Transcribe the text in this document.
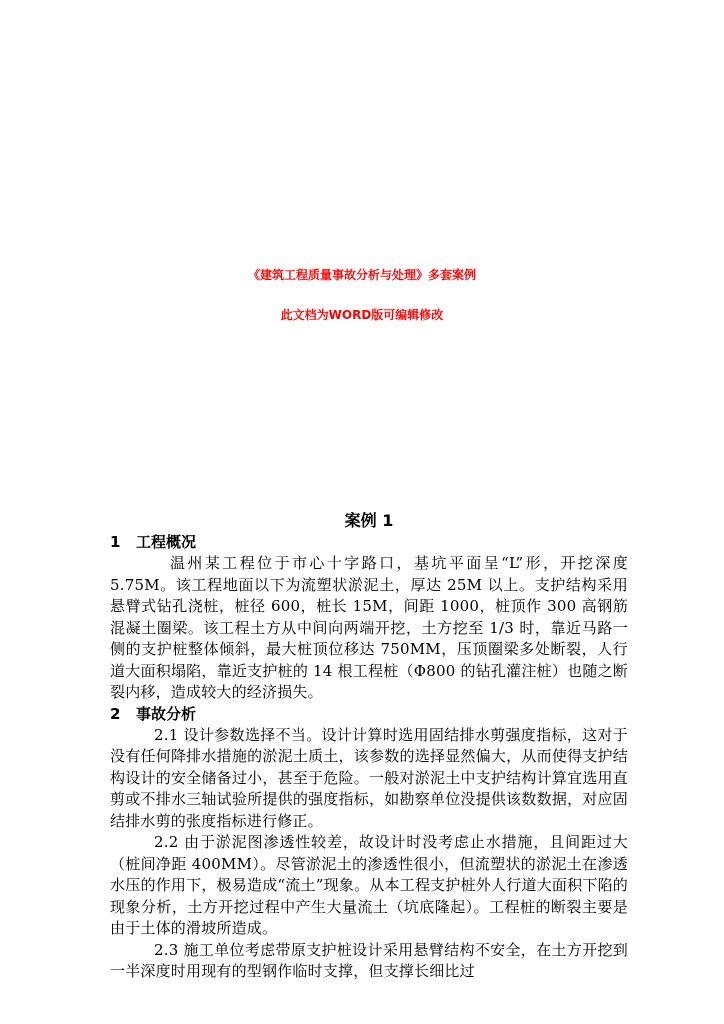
《建筑工程质量事故分析与处理》多套案例
此文档为WORD版可编辑修改
案例 1
1 工程概况

温州某工程位于市心十字路口，基坑平面呈“L”形，开挖深度 5.75M。该工程地面以下为流塑状淤泥土，厚达 25M 以上。支护结构采用悬臂式钻孔浇桩，桩径 600，桩长 15M，间距 1000，桩顶作 300 高钢筋混凝土圈梁。该工程土方从中间向两端开挖，土方挖至 1/3 时，靠近马路一侧的支护桩整体倾斜，最大桩顶位移达 750MM，压顶圈梁多处断裂，人行道大面积塌陷，靠近支护桩的 14 根工程桩（Φ800 的钻孔灌注桩）也随之断裂内移，造成较大的经济损失。

2 事故分析

2.1 设计参数选择不当。设计计算时选用固结排水剪强度指标，这对于没有任何降排水措施的淤泥土质土，该参数的选择显然偏大，从而使得支护结构设计的安全储备过小，甚至于危险。一般对淤泥土中支护结构计算宜选用直剪或不排水三轴试验所提供的强度指标，如勘察单位没提供该数数据，对应固结排水剪的张度指标进行修正。

2.2 由于淤泥图渗透性较差，故设计时没考虑止水措施，且间距过大（桩间净距 400MM）。尽管淤泥土的渗透性很小，但流塑状的淤泥土在渗透水压的作用下，极易造成“流土”现象。从本工程支护桩外人行道大面积下陷的现象分析，土方开挖过程中产生大量流土（坑底隆起）。工程桩的断裂主要是由于土体的滑坡所造成。

2.3 施工单位考虑带原支护桩设计采用悬臂结构不安全，在土方开挖到一半深度时用现有的型钢作临时支撑，但支撑长细比过
